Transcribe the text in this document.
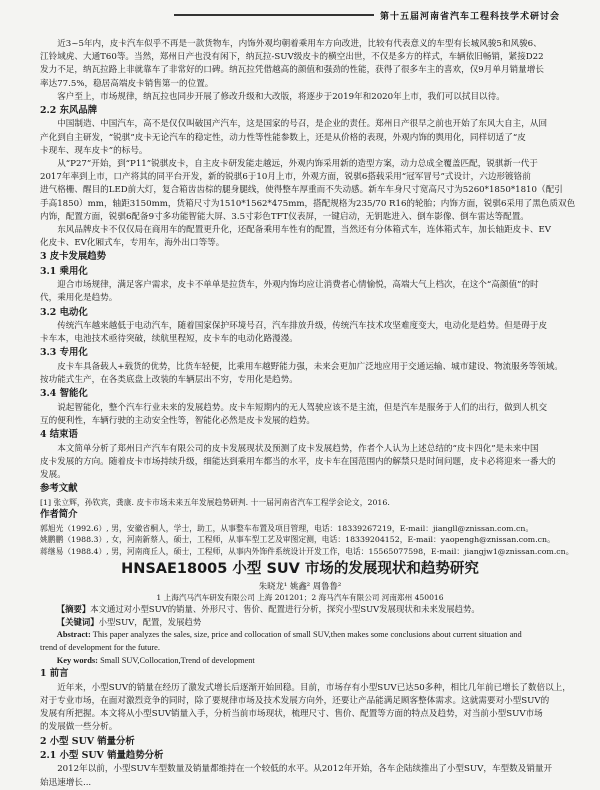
第十五届河南省汽车工程科技学术研讨会

近3~5年内，皮卡汽车似乎不再是一款货物车，内饰外观均朝着乘用车方向改进，比较有代表意义的车型有长城风骏5和风骏6、

江铃域虎、大通T60等。当然，郑州日产也没有闲下，纳瓦拉-SUV级皮卡的横空出世，不仅是多方的样式，车辆依旧畅销，紧接D22

发力不足，纳瓦拉路上非就靠车了非常好的口碑。纳瓦拉凭借越高的颜值和强劲的性能，获得了很多车主的喜欢，仅9月单月销量增长

率达77.5%，稳居高端皮卡销售第一的位置。

客户至上，市场规律，纳瓦拉也同步开展了修改升级和大改版，将逐步于2019年和2020年上市，我们可以拭目以待。

2.2 东风品牌

中国制造、中国汽车，高不是仅仅叫破国产汽车，这是国家的号召，是企业的责任。郑州日产很早之前也开始了东风大自主，从回

产化到自主研发，“锐骐”皮卡无论汽车的稳定性，动力性等性能参数上，还是从价格的表现，外观内饰的舆用化，同样切适了“皮

卡现车、现车皮卡”的标号。

从“P27”开始，到“P11”锐骐皮卡，自主皮卡研发能走越远，外观内饰采用新的造型方案，动力总成全覆盖匹配，锐骐新一代于

2017年率到上市，口产将其的同平台开发，新的锐骐6于10月上市，外观方面，锐骐6搭载采用“冠军冒号”式设计，六边形镀铬前

进气格栅、醒目的LED前大灯，复合箱齿齿棕的腿身腿线，使得整车厚重而不失动感。新车车身尺寸宽高尺寸为5260*1850*1810（配引

手高1850）mm，轴距3150mm，货箱尺寸为1510*1562*475mm，搭配规格为235/70 R16的轮胎；内饰方面，锐骐6采用了黑色质双色

内饰，配置方面，锐骐6配备9寸多功能智能大屏、3.5寸彩色TFT仪表屏，一键启动，无钥匙进入、倒车影像、倒车雷达等配置。

东风品牌皮卡不仅仅局在商用车的配置更升化，还配备乘用车性有的配置，当然还有分体箱式车，连体箱式车，加长轴距皮卡、EV

化皮卡、EV化厢式车，专用车，海外出口等等。

3 皮卡发展趋势

3.1 乘用化

迎合市场规律，满足客户需求，皮卡不单单是拉货车，外观内饰均应让消费者心情愉悦，高端大气上档次，在这个“高颜值”的时

代，乘用化是趋势。

3.2 电动化

传统汽车越来越低于电动汽车，随着国家保护环境号召，汽车排放升级，传统汽车技术攻坚难度变大，电动化是趋势。但是碍于皮

卡车本，电池技术亟待突破，续航里程短，皮卡车的电动化路漫漫。

3.3 专用化

皮卡车具备载人+载货的优势，比货车轻便，比乘用车越野能力强，未来会更加广泛地应用于交通运输、城市建设、物流服务等领域。

按功能式生产，在各类底盘上改装的车辆层出不穷，专用化是趋势。

3.4 智能化

说起智能化，整个汽车行业未来的发展趋势。皮卡车短期内的无人驾驶应该不是主流，但是汽车是服务于人们的出行，做到人机交

互的便利性，车辆行驶的主动安全性等，智能化必然是皮卡发展的趋势。

4 结束语

本文简单分析了郑州日产汽车有限公司的皮卡发展现状及预测了皮卡发展趋势，作者个人认为上述总结的“皮卡四化”是未来中国

皮卡发展的方向。随着皮卡市场持续升级，细能达到乘用车都当的水平，皮卡车在国范围内的解禁只是时间问题，皮卡必将迎来一番大的

发展。

参考文献

[1] 张立辉，孙钦宾，龚康. 皮卡市场未来五年发展趋势研判. 十一届河南省汽车工程学会论文，2016.

作者简介

郭旭光（1992.6）, 男，安徽省桐人，学士，助工，从事整车布置及项目管理，电话：18339267219，E-mail：jiangll@znissan.com.cn。

姚鹏鹏（1988.3）, 女，河南新蔡人，硕士，工程师，从事车型工艺及审图定测，电话：18339204152，E-mail：yaopengh@znissan.com.cn。

蒋继易（1988.4）, 男，河南商丘人，硕士，工程师，从事内外饰件系统设计开发工作，电话：15565077598，E-mail：jiangjw1@znissan.com.cn。

HNSAE18005 小型 SUV 市场的发展现状和趋势研究

朱晓龙¹ 姚鑫² 周鲁鲁²

1 上海汽马汽车研发有限公司 上海 201201；2 海马汽车有限公司 河南郑州 450016

【摘要】本文通过对小型SUV的销量、外形尺寸、售价、配置进行分析，探究小型SUV发展现状和未来发展趋势。

【关键词】小型SUV，配置，发展趋势

Abstract: This paper analyzes the sales, size, price and collocation of small SUV,then makes some conclusions about current situation and

trend of development for the future.

Key words: Small SUV,Collocation,Trend of development

1 前言

近年来，小型SUV的销量在经历了激发式增长后逐渐开始回稳。目前，市场存有小型SUV已达50多种，相比几年前已增长了数倍以上，

对于专业市场，在面对激烈竞争的同时，除了要规律市场及技术发展方向外，还要让产品能满足顾客整体需求。这就需要对小型SUV的

发展有所把握。本文将从小型SUV销量入手，分析当前市场现状，梳理尺寸、售价、配置等方面的特点及趋势，对当前小型SUV市场

的发展做一些分析。

2 小型 SUV 销量分析

2.1 小型 SUV 销量趋势分析

2012年以前，小型SUV车型数量及销量都维持在一个较低的水平。从2012年开始，各车企陆续推出了小型SUV，车型数及销量开

始迅速增长...
